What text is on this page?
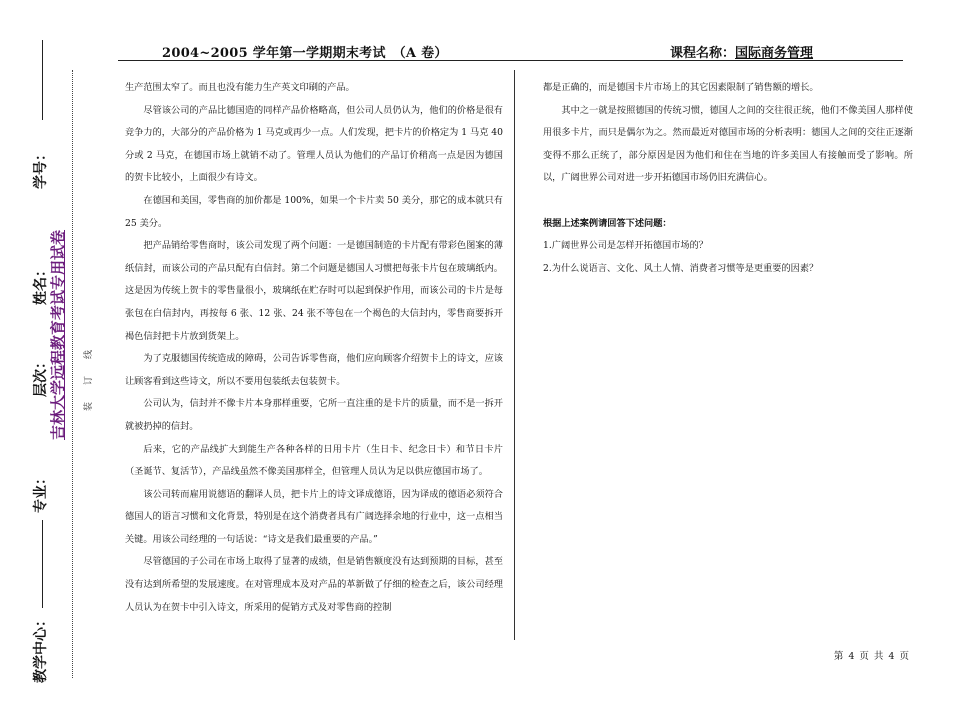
学号：
姓名：
层次：
专业：
教学中心：
吉林大学远程教育考试专用试卷	装　订　线
2004~2005 学年第一学期期末考试　（A 卷）	课程名称：国际商务管理

生产范围太窄了。而且也没有能力生产英文印刷的产品。

尽管该公司的产品比德国造的同样产品价格略高，但公司人员仍认为，他们的价格是很有竞争力的，大部分的产品价格为 1 马克或再少一点。人们发现，把卡片的价格定为 1 马克 40 分或 2 马克，在德国市场上就销不动了。管理人员认为他们的产品订价稍高一点是因为德国的贺卡比较小，上面很少有诗文。

在德国和美国，零售商的加价都是 100%，如果一个卡片卖 50 美分，那它的成本就只有 25 美分。

把产品销给零售商时，该公司发现了两个问题：一是德国制造的卡片配有带彩色图案的薄纸信封，而该公司的产品只配有白信封。第二个问题是德国人习惯把每张卡片包在玻璃纸内。这是因为传统上贺卡的零售量很小，玻璃纸在贮存时可以起到保护作用，而该公司的卡片是每张包在白信封内，再按每 6 张、12 张、24 张不等包在一个褐色的大信封内，零售商要拆开褐色信封把卡片放到货架上。

为了克服德国传统造成的障碍，公司告诉零售商，他们应向顾客介绍贺卡上的诗文，应该让顾客看到这些诗文，所以不要用包装纸去包装贺卡。

公司认为，信封并不像卡片本身那样重要，它所一直注重的是卡片的质量，而不是一拆开就被扔掉的信封。

后来，它的产品线扩大到能生产各种各样的日用卡片（生日卡、纪念日卡）和节日卡片（圣诞节、复活节），产品线虽然不像美国那样全，但管理人员认为足以供应德国市场了。

该公司转而雇用说德语的翻译人员，把卡片上的诗文译成德语，因为译成的德语必须符合德国人的语言习惯和文化背景，特别是在这个消费者具有广阔选择余地的行业中，这一点相当关键。用该公司经理的一句话说：“诗文是我们最重要的产品。”

尽管德国的子公司在市场上取得了显著的成绩，但是销售额度没有达到预期的目标，甚至没有达到所希望的发展速度。在对管理成本及对产品的革新做了仔细的检查之后，该公司经理人员认为在贺卡中引入诗文，所采用的促销方式及对零售商的控制

都是正确的，而是德国卡片市场上的其它因素限制了销售额的增长。

其中之一就是按照德国的传统习惯，德国人之间的交往很正统，他们不像美国人那样使用很多卡片，而只是偶尔为之。然而最近对德国市场的分析表明：德国人之间的交往正逐渐变得不那么正统了，部分原因是因为他们和住在当地的许多美国人有接触而受了影响。所以，广阔世界公司对进一步开拓德国市场仍旧充满信心。

根据上述案例请回答下述问题：

1.广阔世界公司是怎样开拓德国市场的？

2.为什么说语言、文化、风土人情、消费者习惯等是更重要的因素？

第 4 页 共 4 页
